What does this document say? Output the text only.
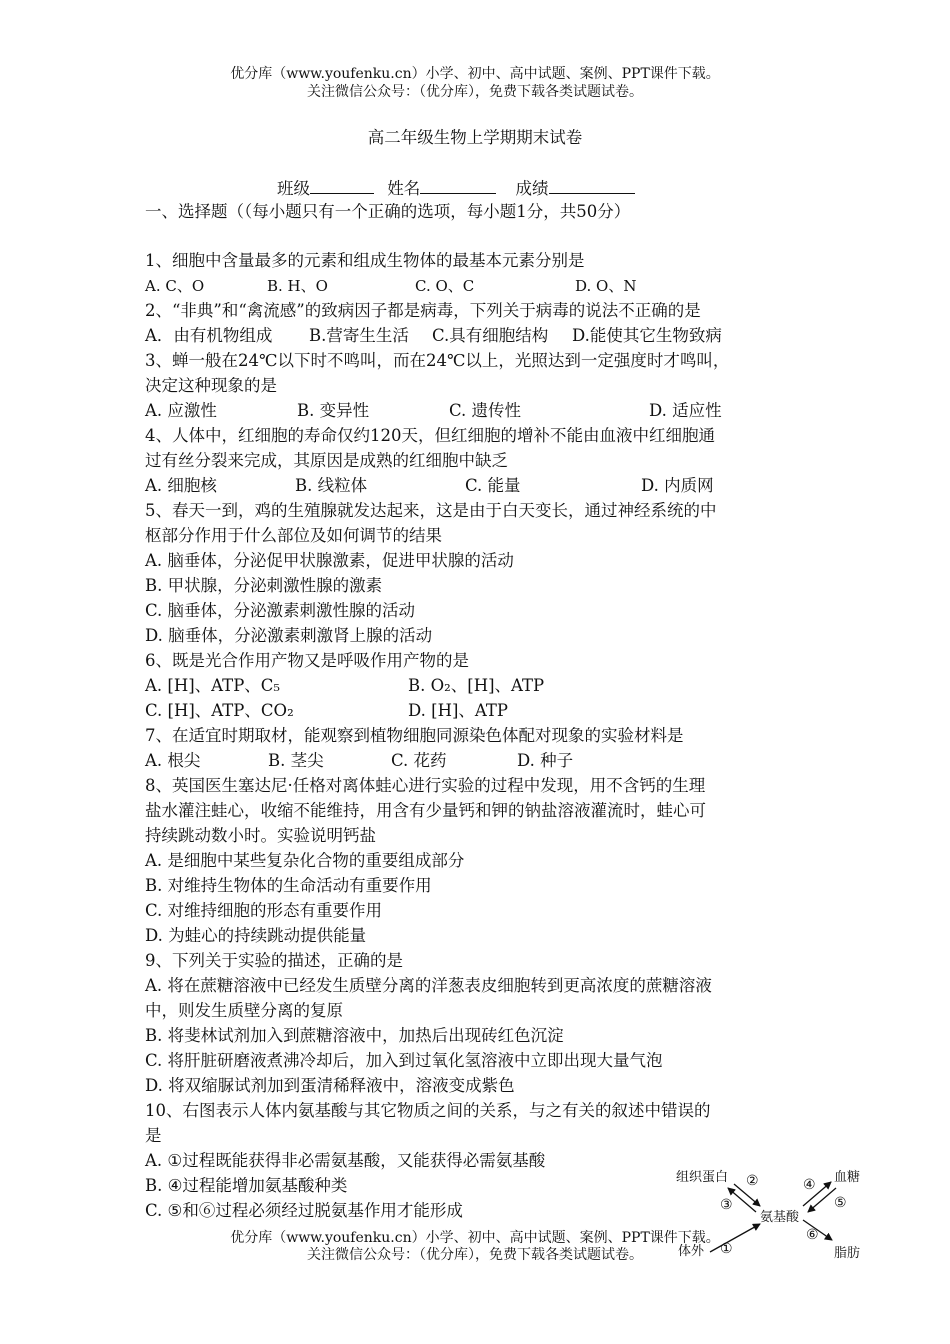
优分库（www.youfenku.cn）小学、初中、高中试题、案例、PPT课件下载。
关注微信公众号：（优分库），免费下载各类试题试卷。
高二年级生物上学期期末试卷
班级	姓名	成绩
一、选择题（（每小题只有一个正确的选项，每小题1分，共50分）
1、细胞中含量最多的元素和组成生物体的最基本元素分别是
A. C、O	B. H、O	C. O、C	D. O、N
2、“非典”和“禽流感”的致病因子都是病毒，下列关于病毒的说法不正确的是
A．由有机物组成 B.营寄生生活 C.具有细胞结构 D.能使其它生物致病
3、蝉一般在24℃以下时不鸣叫，而在24℃以上，光照达到一定强度时才鸣叫，
决定这种现象的是
A. 应激性	B. 变异性	C. 遗传性	D. 适应性
4、人体中，红细胞的寿命仅约120天，但红细胞的增补不能由血液中红细胞通
过有丝分裂来完成，其原因是成熟的红细胞中缺乏
A. 细胞核	B. 线粒体	C. 能量	D. 内质网
5、春天一到，鸡的生殖腺就发达起来，这是由于白天变长，通过神经系统的中
枢部分作用于什么部位及如何调节的结果
A. 脑垂体，分泌促甲状腺激素，促进甲状腺的活动
B. 甲状腺，分泌刺激性腺的激素
C. 脑垂体，分泌激素刺激性腺的活动
D. 脑垂体，分泌激素刺激肾上腺的活动
6、既是光合作用产物又是呼吸作用产物的是
A. [H]、ATP、C₅	B. O₂、[H]、ATP
C. [H]、ATP、CO₂	D. [H]、ATP
7、在适宜时期取材，能观察到植物细胞同源染色体配对现象的实验材料是
A. 根尖	B. 茎尖	C. 花药	D. 种子
8、英国医生塞达尼·任格对离体蛙心进行实验的过程中发现，用不含钙的生理
盐水灌注蛙心，收缩不能维持，用含有少量钙和钾的钠盐溶液灌流时，蛙心可
持续跳动数小时。实验说明钙盐
A. 是细胞中某些复杂化合物的重要组成部分
B. 对维持生物体的生命活动有重要作用
C. 对维持细胞的形态有重要作用
D. 为蛙心的持续跳动提供能量
9、下列关于实验的描述，正确的是
A. 将在蔗糖溶液中已经发生质壁分离的洋葱表皮细胞转到更高浓度的蔗糖溶液
中，则发生质壁分离的复原
B. 将斐林试剂加入到蔗糖溶液中，加热后出现砖红色沉淀
C. 将肝脏研磨液煮沸冷却后，加入到过氧化氢溶液中立即出现大量气泡
D. 将双缩脲试剂加到蛋清稀释液中，溶液变成紫色
10、右图表示人体内氨基酸与其它物质之间的关系，与之有关的叙述中错误的
是
A. ①过程既能获得非必需氨基酸，又能获得必需氨基酸
B. ④过程能增加氨基酸种类
C. ⑤和⑥过程必须经过脱氨基作用才能形成
组织蛋白
氨基酸
血糖
体外	脂肪
②
③
④
⑤
⑥
①
优分库（www.youfenku.cn）小学、初中、高中试题、案例、PPT课件下载。
关注微信公众号：（优分库），免费下载各类试题试卷。
